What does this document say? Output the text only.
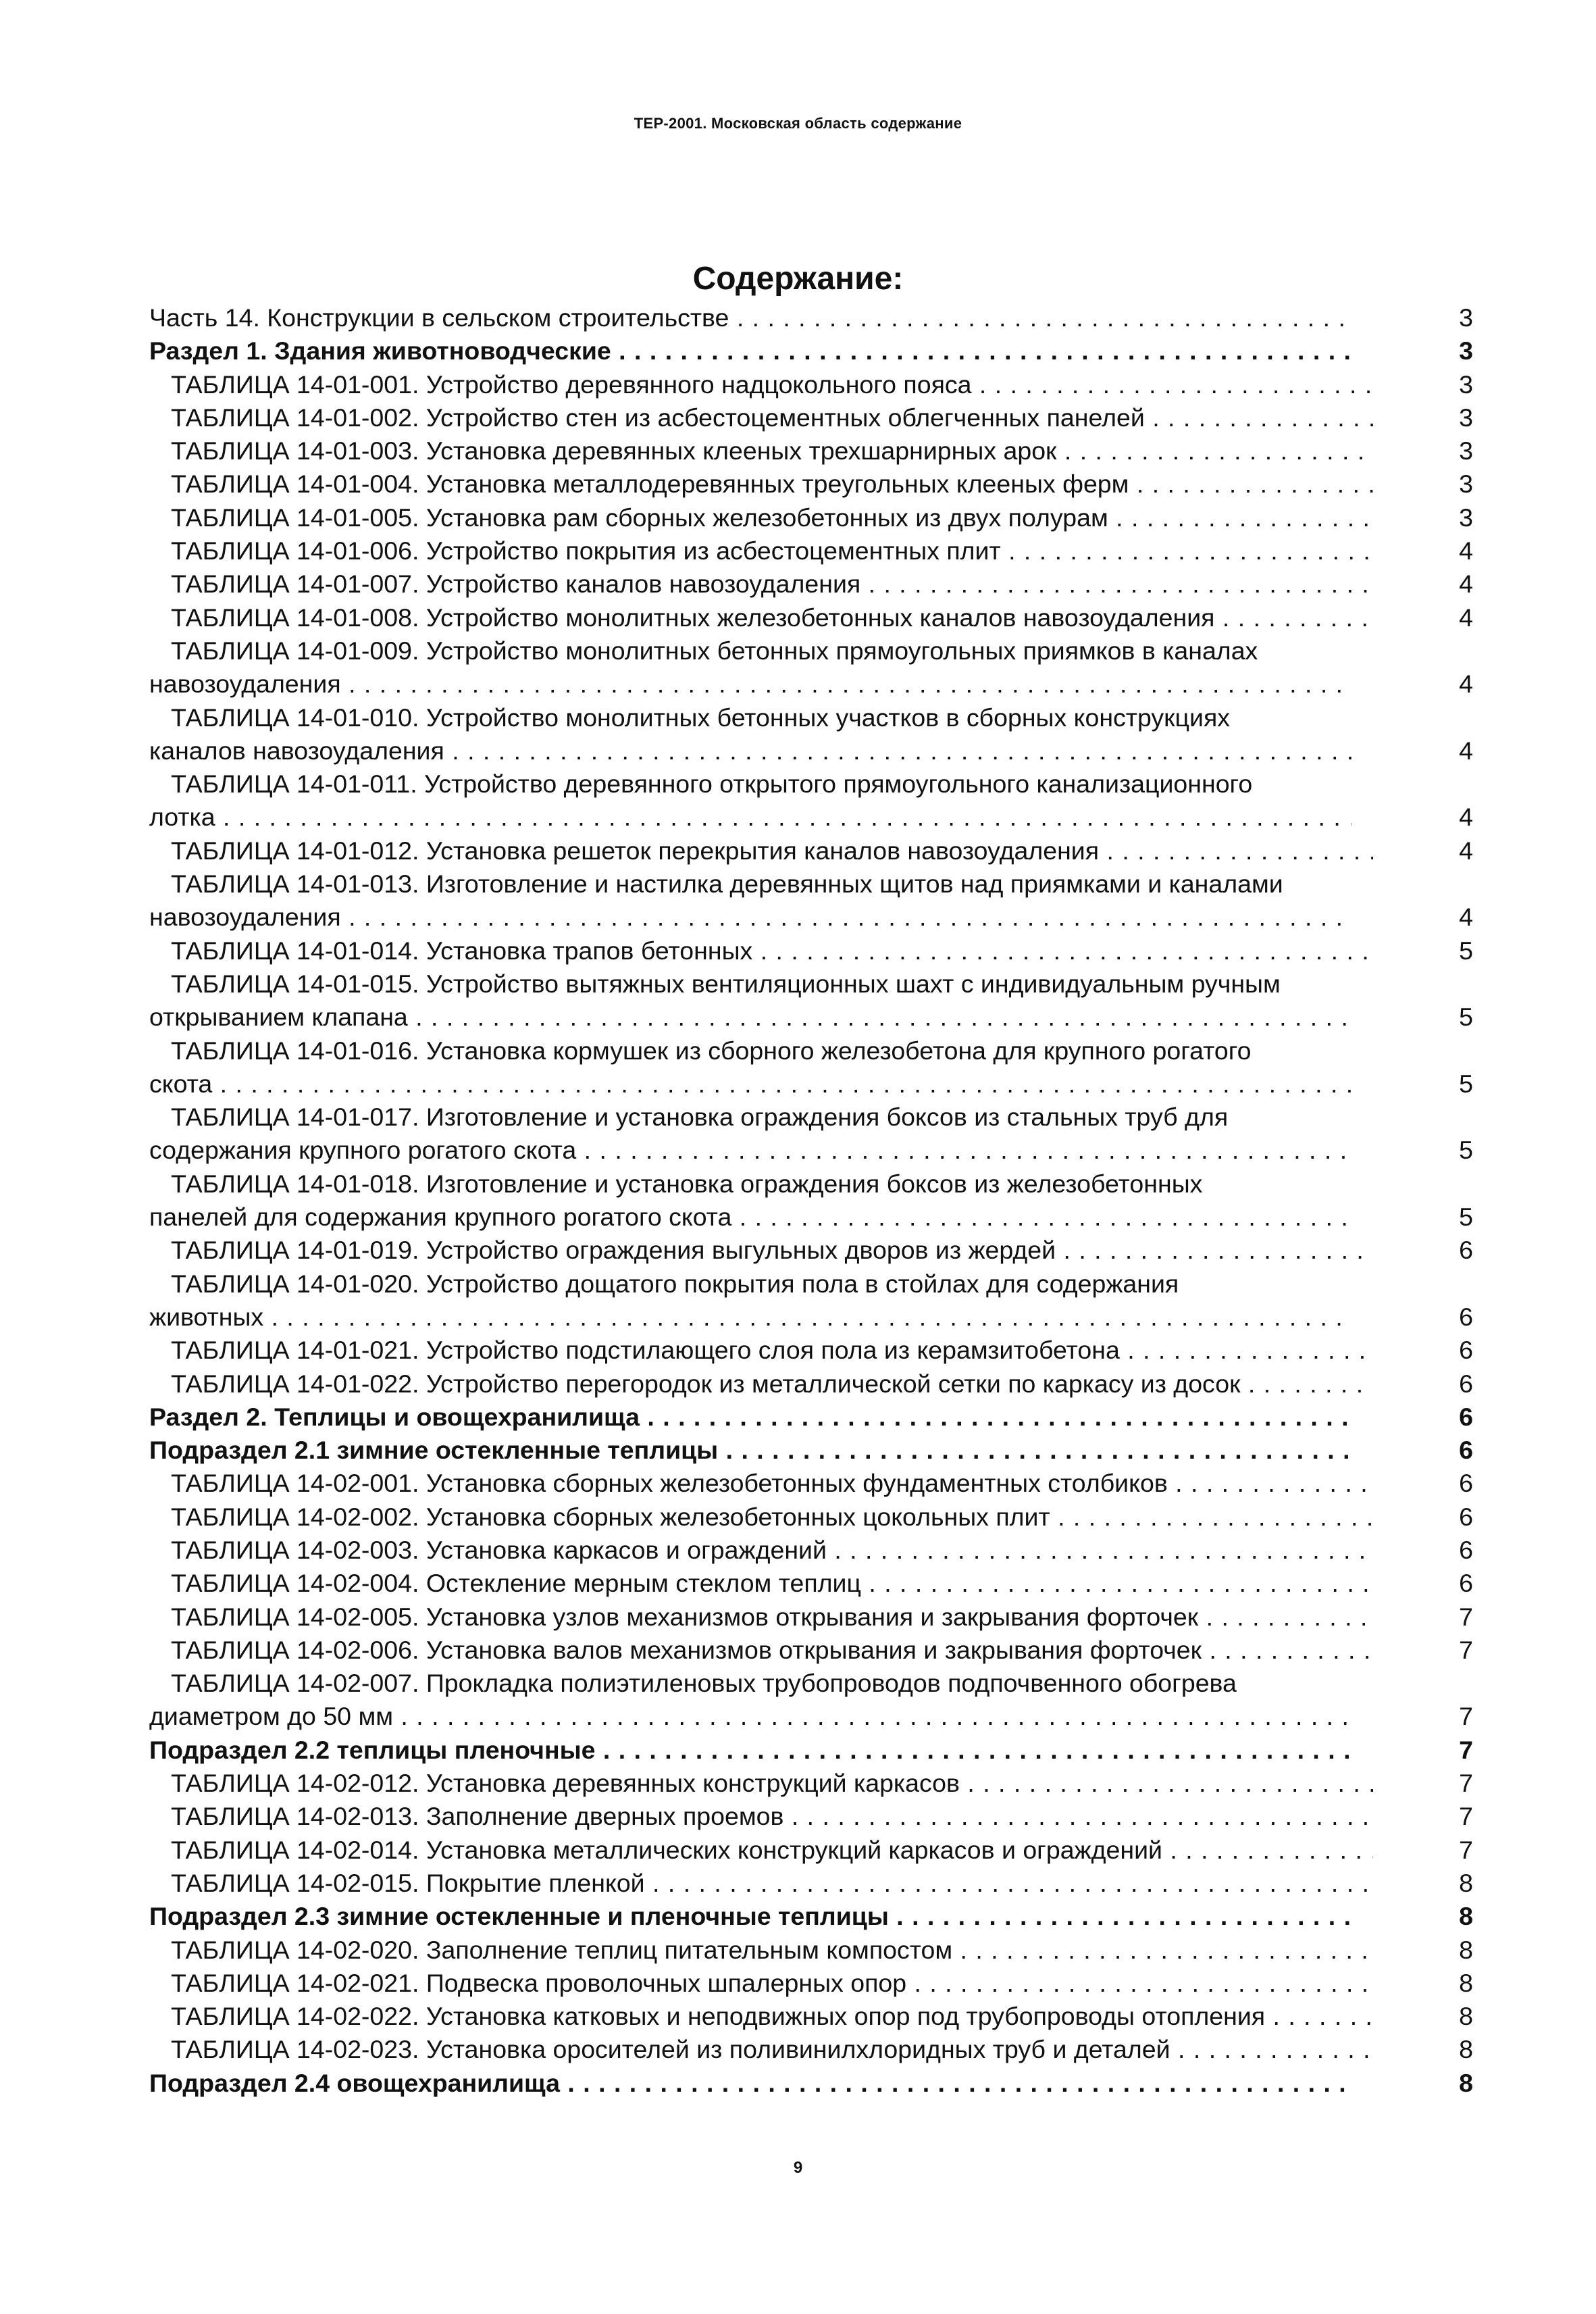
ТЕР-2001. Московская область содержание
Содержание:
Часть 14. Конструкции в сельском строительстве . . .	3
Раздел 1. Здания животноводческие . . .	3
ТАБЛИЦА 14-01-001. Устройство деревянного надцокольного пояса . . .	3
ТАБЛИЦА 14-01-002. Устройство стен из асбестоцементных облегченных панелей . . .	3
ТАБЛИЦА 14-01-003. Установка деревянных клееных трехшарнирных арок . . .	3
ТАБЛИЦА 14-01-004. Установка металлодеревянных треугольных клееных ферм . . .	3
ТАБЛИЦА 14-01-005. Установка рам сборных железобетонных из двух полурам . . .	3
ТАБЛИЦА 14-01-006. Устройство покрытия из асбестоцементных плит . . .	4
ТАБЛИЦА 14-01-007. Устройство каналов навозоудаления . . .	4
ТАБЛИЦА 14-01-008. Устройство монолитных железобетонных каналов навозоудаления . . .	4
ТАБЛИЦА 14-01-009. Устройство монолитных бетонных прямоугольных приямков в каналах
навозоудаления . . .	4
ТАБЛИЦА 14-01-010. Устройство монолитных бетонных участков в сборных конструкциях
каналов навозоудаления . . .	4
ТАБЛИЦА 14-01-011. Устройство деревянного открытого прямоугольного канализационного
лотка . . .	4
ТАБЛИЦА 14-01-012. Установка решеток перекрытия каналов навозоудаления . . .	4
ТАБЛИЦА 14-01-013. Изготовление и настилка деревянных щитов над приямками и каналами
навозоудаления . . .	4
ТАБЛИЦА 14-01-014. Установка трапов бетонных . . .	5
ТАБЛИЦА 14-01-015. Устройство вытяжных вентиляционных шахт с индивидуальным ручным
открыванием клапана . . .	5
ТАБЛИЦА 14-01-016. Установка кормушек из сборного железобетона для крупного рогатого
скота . . .	5
ТАБЛИЦА 14-01-017. Изготовление и установка ограждения боксов из стальных труб для
содержания крупного рогатого скота . . .	5
ТАБЛИЦА 14-01-018. Изготовление и установка ограждения боксов из железобетонных
панелей для содержания крупного рогатого скота . . .	5
ТАБЛИЦА 14-01-019. Устройство ограждения выгульных дворов из жердей . . .	6
ТАБЛИЦА 14-01-020. Устройство дощатого покрытия пола в стойлах для содержания
животных . . .	6
ТАБЛИЦА 14-01-021. Устройство подстилающего слоя пола из керамзитобетона . . .	6
ТАБЛИЦА 14-01-022. Устройство перегородок из металлической сетки по каркасу из досок . . .	6
Раздел 2. Теплицы и овощехранилища . . .	6
Подраздел 2.1 зимние остекленные теплицы . . .	6
ТАБЛИЦА 14-02-001. Установка сборных железобетонных фундаментных столбиков . . .	6
ТАБЛИЦА 14-02-002. Установка сборных железобетонных цокольных плит . . .	6
ТАБЛИЦА 14-02-003. Установка каркасов и ограждений . . .	6
ТАБЛИЦА 14-02-004. Остекление мерным стеклом теплиц . . .	6
ТАБЛИЦА 14-02-005. Установка узлов механизмов открывания и закрывания форточек . . .	7
ТАБЛИЦА 14-02-006. Установка валов механизмов открывания и закрывания форточек . . .	7
ТАБЛИЦА 14-02-007. Прокладка полиэтиленовых трубопроводов подпочвенного обогрева
диаметром до 50 мм . . .	7
Подраздел 2.2 теплицы пленочные . . .	7
ТАБЛИЦА 14-02-012. Установка деревянных конструкций каркасов . . .	7
ТАБЛИЦА 14-02-013. Заполнение дверных проемов . . .	7
ТАБЛИЦА 14-02-014. Установка металлических конструкций каркасов и ограждений . . .	7
ТАБЛИЦА 14-02-015. Покрытие пленкой . . .	8
Подраздел 2.3 зимние остекленные и пленочные теплицы . . .	8
ТАБЛИЦА 14-02-020. Заполнение теплиц питательным компостом . . .	8
ТАБЛИЦА 14-02-021. Подвеска проволочных шпалерных опор . . .	8
ТАБЛИЦА 14-02-022. Установка катковых и неподвижных опор под трубопроводы отопления . . .	8
ТАБЛИЦА 14-02-023. Установка оросителей из поливинилхлоридных труб и деталей . . .	8
Подраздел 2.4 овощехранилища . . .	8
9
